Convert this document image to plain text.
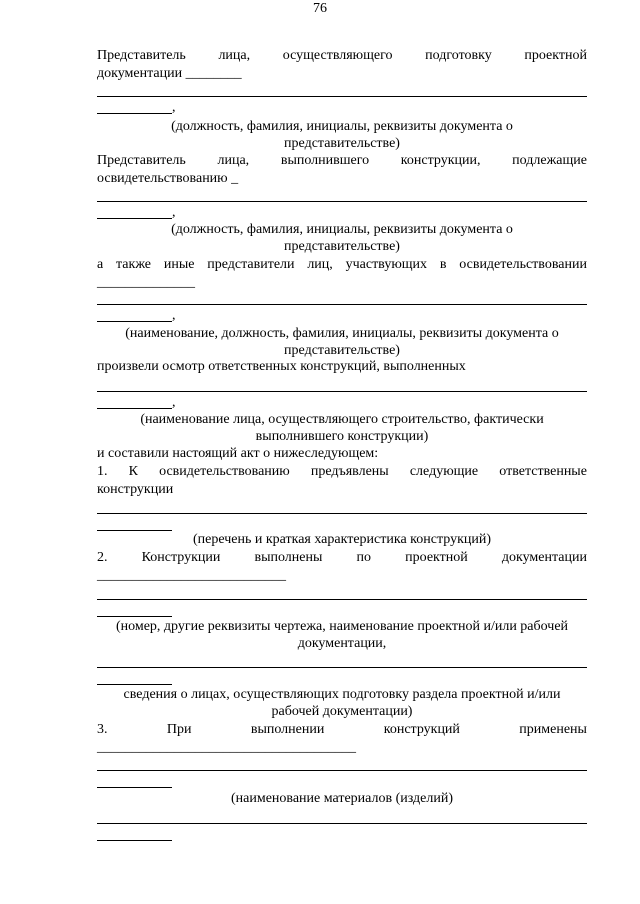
76
Представитель лица, осуществляющего подготовку проектной
документации ________
,
(должность, фамилия, инициалы, реквизиты документа о
представительстве)
Представитель лица, выполнившего конструкции, подлежащие
освидетельствованию _
,
(должность, фамилия, инициалы, реквизиты документа о
представительстве)
а также иные представители лиц, участвующих в освидетельствовании
______________
,
(наименование, должность, фамилия, инициалы, реквизиты документа о
представительстве)
произвели осмотр ответственных конструкций, выполненных
,
(наименование лица, осуществляющего строительство, фактически
выполнившего конструкции)
и составили настоящий акт о нижеследующем:
1. К освидетельствованию предъявлены следующие ответственные
конструкции
(перечень и краткая характеристика конструкций)
2. Конструкции выполнены по проектной документации
___________________________
(номер, другие реквизиты чертежа, наименование проектной и/или рабочей
документации,
сведения о лицах, осуществляющих подготовку раздела проектной и/или
рабочей документации)
3.	При	выполнении	конструкций	применены
_____________________________________
(наименование материалов (изделий)
